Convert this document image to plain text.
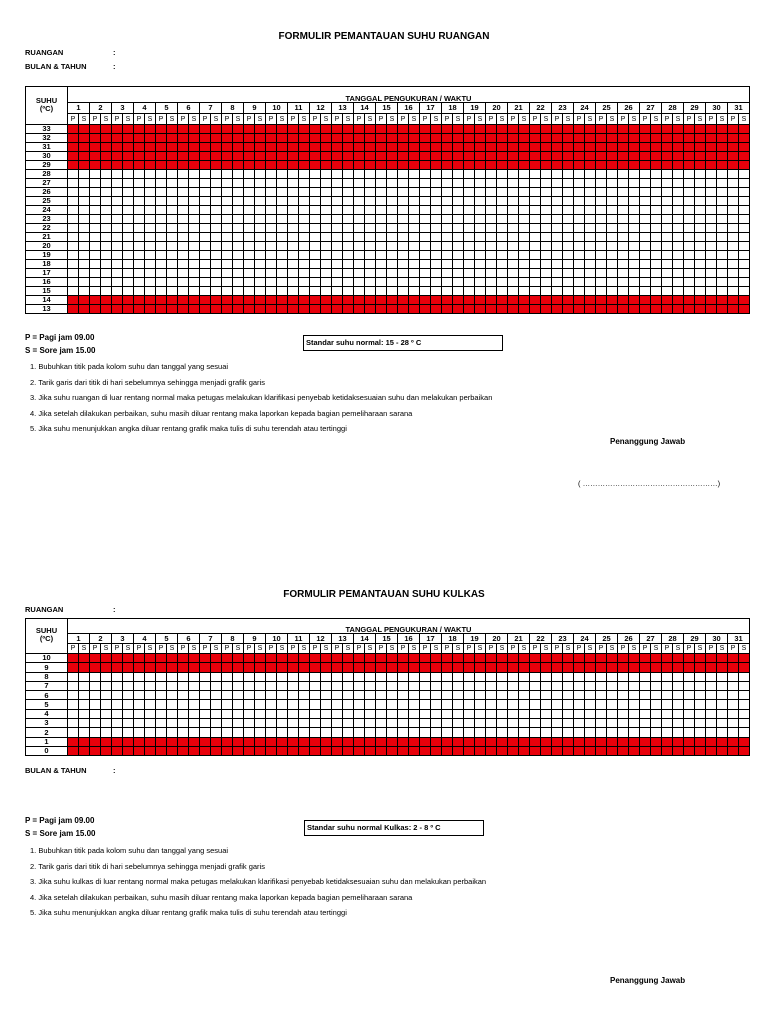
FORMULIR PEMANTAUAN SUHU RUANGAN
RUANGAN	:
BULAN & TAHUN	:
SUHU
(ºC)	TANGGAL PENGUKURAN / WAKTU																																																													
	1		2		3		4		5		6		7		8		9		10		11		12		13		14		15		16		17		18		19		20		21		22		23		24		25		26		27		28		29		30		31	
	P	S	P	S	P	S	P	S	P	S	P	S	P	S	P	S	P	S	P	S	P	S	P	S	P	S	P	S	P	S	P	S	P	S	P	S	P	S	P	S	P	S	P	S	P	S	P	S	P	S	P	S	P	S	P	S	P	S	P	S	P	S
33																																																														
32																																																														
31																																																														
30																																																														
29																																																														
28																																																														
27																																																														
26																																																														
25																																																														
24																																																														
23																																																														
22																																																														
21																																																														
20																																																														
19																																																														
18																																																														
17																																																														
16																																																														
15																																																														
14																																																														
13																																																														
P = Pagi jam 09.00
S = Sore jam 15.00
Standar suhu normal: 15 - 28 º C
1. Bubuhkan titik pada kolom suhu dan tanggal yang sesuai
2. Tarik garis dari titik di hari sebelumnya sehingga menjadi grafik garis
3. Jika suhu ruangan di luar rentang normal maka petugas melakukan klarifikasi penyebab ketidaksesuaian suhu dan melakukan perbaikan
4. Jika setelah dilakukan perbaikan, suhu masih diluar rentang maka laporkan kepada bagian pemeliharaan sarana
5. Jika suhu menunjukkan angka diluar rentang grafik maka tulis di suhu terendah atau tertinggi
Penanggung Jawab
( ………………………………………………)
FORMULIR PEMANTAUAN SUHU KULKAS
RUANGAN	:
SUHU
(ºC)	TANGGAL PENGUKURAN / WAKTU																																																													
	1		2		3		4		5		6		7		8		9		10		11		12		13		14		15		16		17		18		19		20		21		22		23		24		25		26		27		28		29		30		31	
	P	S	P	S	P	S	P	S	P	S	P	S	P	S	P	S	P	S	P	S	P	S	P	S	P	S	P	S	P	S	P	S	P	S	P	S	P	S	P	S	P	S	P	S	P	S	P	S	P	S	P	S	P	S	P	S	P	S	P	S	P	S
10																																																														
9																																																														
8																																																														
7																																																														
6																																																														
5																																																														
4																																																														
3																																																														
2																																																														
1																																																														
0																																																														
BULAN & TAHUN	:
P = Pagi jam 09.00
S = Sore jam 15.00
Standar suhu normal Kulkas: 2 - 8 º C
1. Bubuhkan titik pada kolom suhu dan tanggal yang sesuai
2. Tarik garis dari titik di hari sebelumnya sehingga menjadi grafik garis
3. Jika suhu kulkas di luar rentang normal maka petugas melakukan klarifikasi penyebab ketidaksesuaian suhu dan melakukan perbaikan
4. Jika setelah dilakukan perbaikan, suhu masih diluar rentang maka laporkan kepada bagian pemeliharaan sarana
5. Jika suhu menunjukkan angka diluar rentang grafik maka tulis di suhu terendah atau tertinggi
Penanggung Jawab
